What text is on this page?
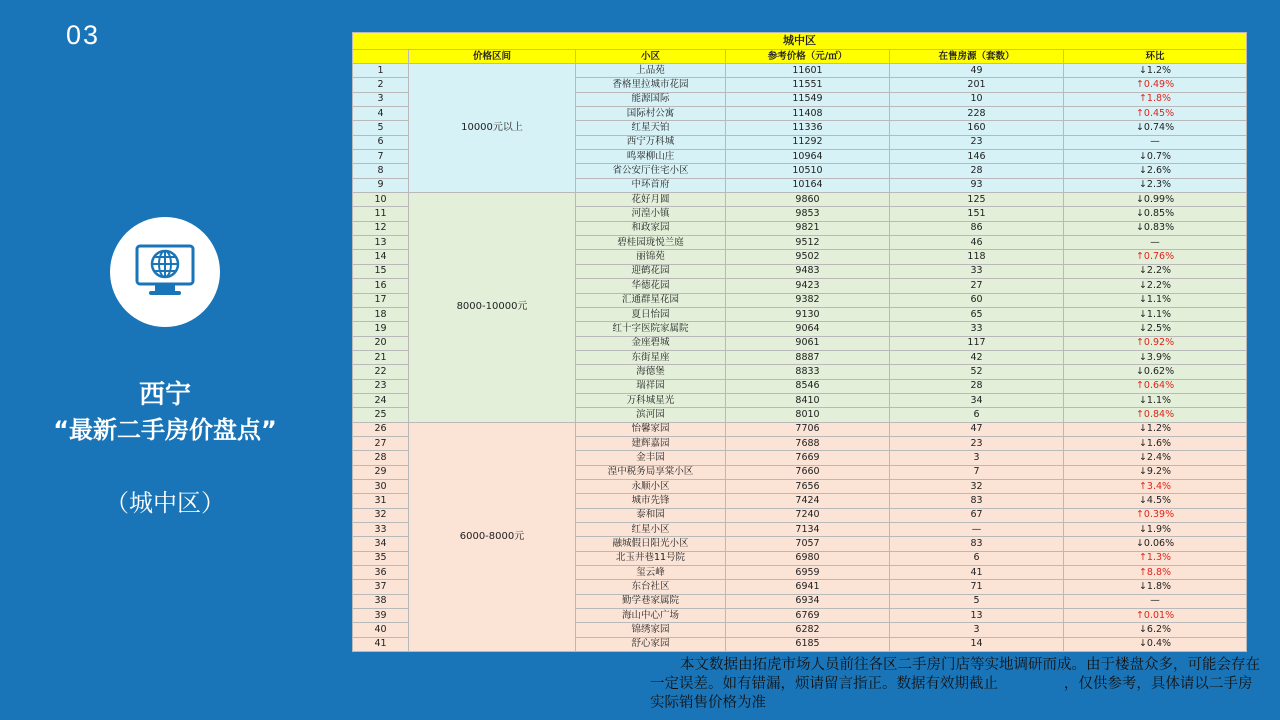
03
西宁
“最新二手房价盘点”
（城中区）
城中区					
	价格区间	小区	参考价格（元/㎡）	在售房源（套数）	环比
1	10000元以上	上品苑	11601	49	↓1.2%
2		香格里拉城市花园	11551	201	↑0.49%
3		能源国际	11549	10	↑1.8%
4		国际村公寓	11408	228	↑0.45%
5		红星天铂	11336	160	↓0.74%
6		西宁万科城	11292	23	—
7		鸣翠柳山庄	10964	146	↓0.7%
8		省公安厅住宅小区	10510	28	↓2.6%
9		中环首府	10164	93	↓2.3%
10	8000-10000元	花好月圆	9860	125	↓0.99%
11		河湟小镇	9853	151	↓0.85%
12		和政家园	9821	86	↓0.83%
13		碧桂园珑悦兰庭	9512	46	—
14		丽锦苑	9502	118	↑0.76%
15		迎鹤花园	9483	33	↓2.2%
16		华德花园	9423	27	↓2.2%
17		汇通群星花园	9382	60	↓1.1%
18		夏日怡园	9130	65	↓1.1%
19		红十字医院家属院	9064	33	↓2.5%
20		金座碧城	9061	117	↑0.92%
21		东街星座	8887	42	↓3.9%
22		海德堡	8833	52	↓0.62%
23		瑞祥园	8546	28	↑0.64%
24		万科城星光	8410	34	↓1.1%
25		滨河园	8010	6	↑0.84%
26	6000-8000元	怡馨家园	7706	47	↓1.2%
27		建辉嘉园	7688	23	↓1.6%
28		金丰园	7669	3	↓2.4%
29		湟中税务局享棠小区	7660	7	↓9.2%
30		永顺小区	7656	32	↑3.4%
31		城市先锋	7424	83	↓4.5%
32		泰和园	7240	67	↑0.39%
33		红星小区	7134	—	↓1.9%
34		融城假日阳光小区	7057	83	↓0.06%
35		北玉井巷11号院	6980	6	↑1.3%
36		玺云峰	6959	41	↑8.8%
37		东台社区	6941	71	↓1.8%
38		勤学巷家属院	6934	5	—
39		海山中心广场	6769	13	↑0.01%
40		锦绣家园	6282	3	↓6.2%
41		舒心家园	6185	14	↓0.4%
本文数据由拓虎市场人员前往各区二手房门店等实地调研而成。由于楼盘众多，可能会存在一定误差。如有错漏，烦请留言指正。数据有效期截止12月31日，仅供参考，具体请以二手房实际销售价格为准
